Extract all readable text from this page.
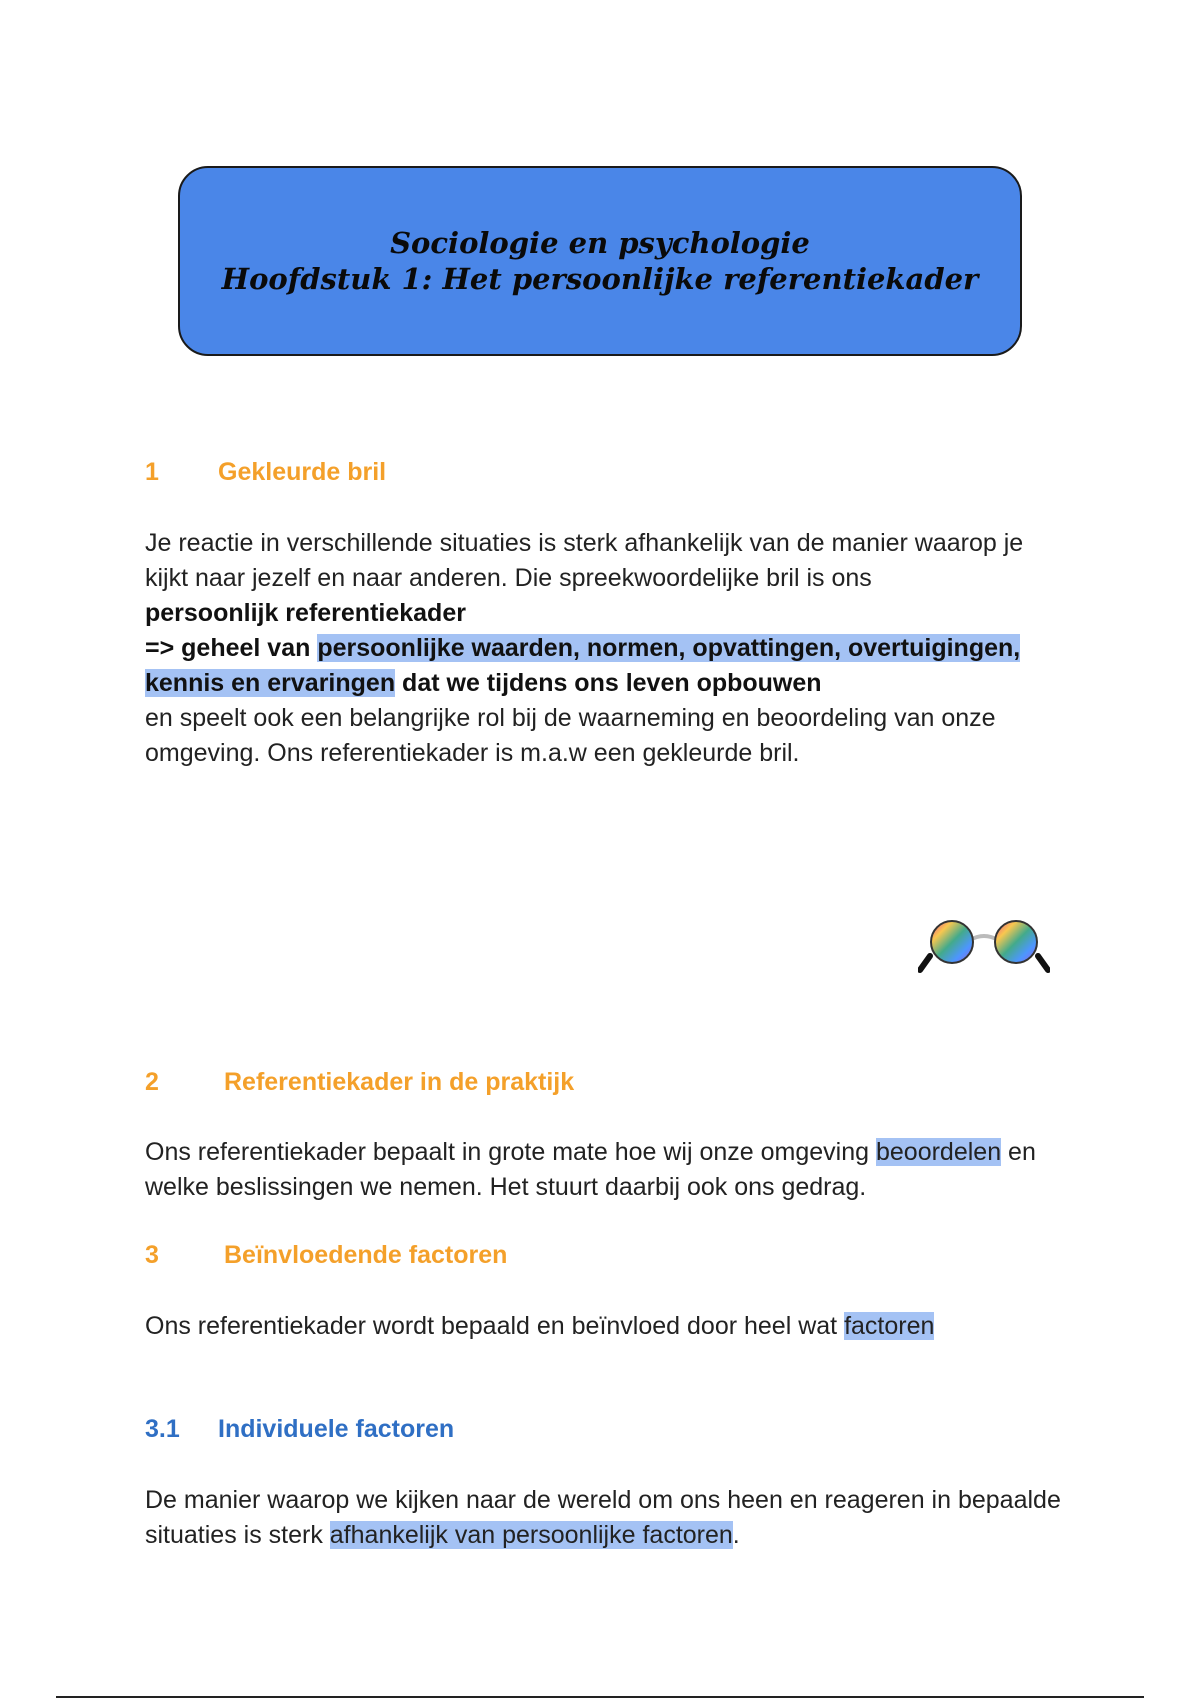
Sociologie en psychologie
Hoofdstuk 1: Het persoonlijke referentiekader
1 Gekleurde bril

Je reactie in verschillende situaties is sterk afhankelijk van de manier waarop je kijkt naar jezelf en naar anderen. Die spreekwoordelijke bril is ons
persoonlijk referentiekader
=> geheel van persoonlijke waarden, normen, opvattingen, overtuigingen, kennis en ervaringen dat we tijdens ons leven opbouwen
en speelt ook een belangrijke rol bij de waarneming en beoordeling van onze omgeving. Ons referentiekader is m.a.w een gekleurde bril.

2	Referentiekader in de praktijk

Ons referentiekader bepaalt in grote mate hoe wij onze omgeving beoordelen en welke beslissingen we nemen. Het stuurt daarbij ook ons gedrag.

3	Beïnvloedende factoren

Ons referentiekader wordt bepaald en beïnvloed door heel wat factoren

3.1 Individuele factoren

De manier waarop we kijken naar de wereld om ons heen en reageren in bepaalde situaties is sterk afhankelijk van persoonlijke factoren.
